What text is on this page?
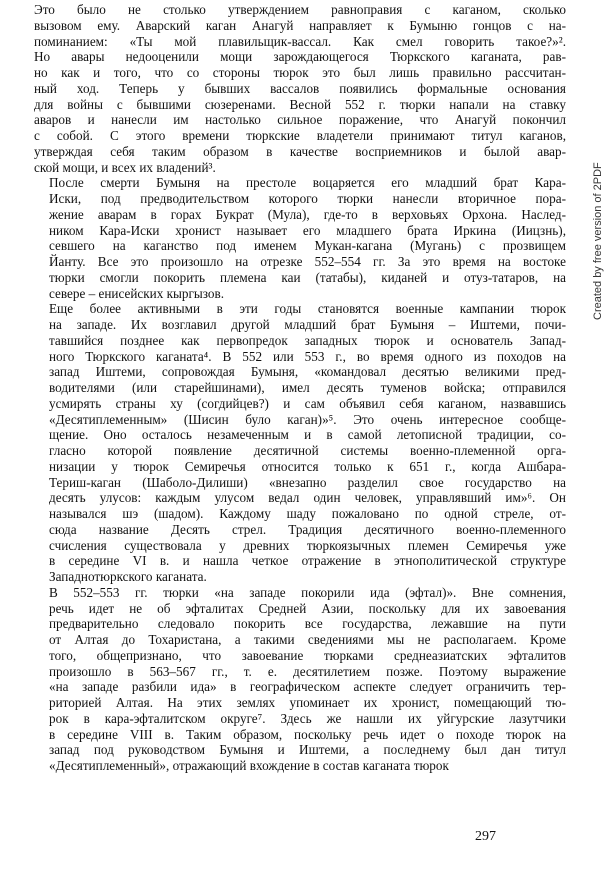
Это было не столько утверждением равноправия с каганом, сколько
вызовом ему. Аварский каган Анагуй направляет к Бумыню гонцов с на-
поминанием: «Ты мой плавильщик-вассал. Как смел говорить такое?»².
Но авары недооценили мощи зарождающегося Тюркского каганата, рав-
но как и того, что со стороны тюрок это был лишь правильно рассчитан-
ный ход. Теперь у бывших вассалов появились формальные основания
для войны с бывшими сюзеренами. Весной 552 г. тюрки напали на ставку
аваров и нанесли им настолько сильное поражение, что Анагуй покончил
с собой. С этого времени тюркские владетели принимают титул каганов,
утверждая себя таким образом в качестве восприемников и былой авар-
ской мощи, и всех их владений³.

После смерти Бумыня на престоле воцаряется его младший брат Кара-
Иски, под предводительством которого тюрки нанесли вторичное пора-
жение аварам в горах Букрат (Мула), где-то в верховьях Орхона. Наслед-
ником Кара-Иски хронист называет его младшего брата Иркина (Иицзнь),
севшего на каганство под именем Мукан-кагана (Мугань) с прозвищем
Йанту. Все это произошло на отрезке 552–554 гг. За это время на востоке
тюрки смогли покорить племена каи (татабы), киданей и отуз-татаров, на
севере – енисейских кыргызов.

Еще более активными в эти годы становятся военные кампании тюрок
на западе. Их возглавил другой младший брат Бумыня – Иштеми, почи-
тавшийся позднее как первопредок западных тюрок и основатель Запад-
ного Тюркского каганата⁴. В 552 или 553 г., во время одного из походов на
запад Иштеми, сопровождая Бумыня, «командовал десятью великими пред-
водителями (или старейшинами), имел десять туменов войска; отправился
усмирять страны ху (согдийцев?) и сам объявил себя каганом, назвавшись
«Десятиплеменным» (Шисин було каган)»⁵. Это очень интересное сообще-
щение. Оно осталось незамеченным и в самой летописной традиции, со-
гласно которой появление десятичной системы военно-племенной орга-
низации у тюрок Семиречья относится только к 651 г., когда Ашбара-
Териш-каган (Шаболо-Дилиши) «внезапно разделил свое государство на
десять улусов: каждым улусом ведал один человек, управлявший им»⁶. Он
назывался шэ (шадом). Каждому шаду пожаловано по одной стреле, от-
сюда название Десять стрел. Традиция десятичного военно-племенного
счисления существовала у древних тюркоязычных племен Семиречья уже
в середине VI в. и нашла четкое отражение в этнополитической структуре
Западнотюркского каганата.

В 552–553 гг. тюрки «на западе покорили ида (эфтал)». Вне сомнения,
речь идет не об эфталитах Средней Азии, поскольку для их завоевания
предварительно следовало покорить все государства, лежавшие на пути
от Алтая до Тохаристана, а такими сведениями мы не располагаем. Кроме
того, общепризнано, что завоевание тюрками среднеазиатских эфталитов
произошло в 563–567 гг., т. е. десятилетием позже. Поэтому выражение
«на западе разбили ида» в географическом аспекте следует ограничить тер-
риторией Алтая. На этих землях упоминает их хронист, помещающий тю-
рок в кара-эфталитском округе⁷. Здесь же нашли их уйгурские лазутчики
в середине VIII в. Таким образом, поскольку речь идет о походе тюрок на
запад под руководством Бумыня и Иштеми, а последнему был дан титул
«Десятиплеменный», отражающий вхождение в состав каганата тюрок

Created by free version of 2PDF
297
